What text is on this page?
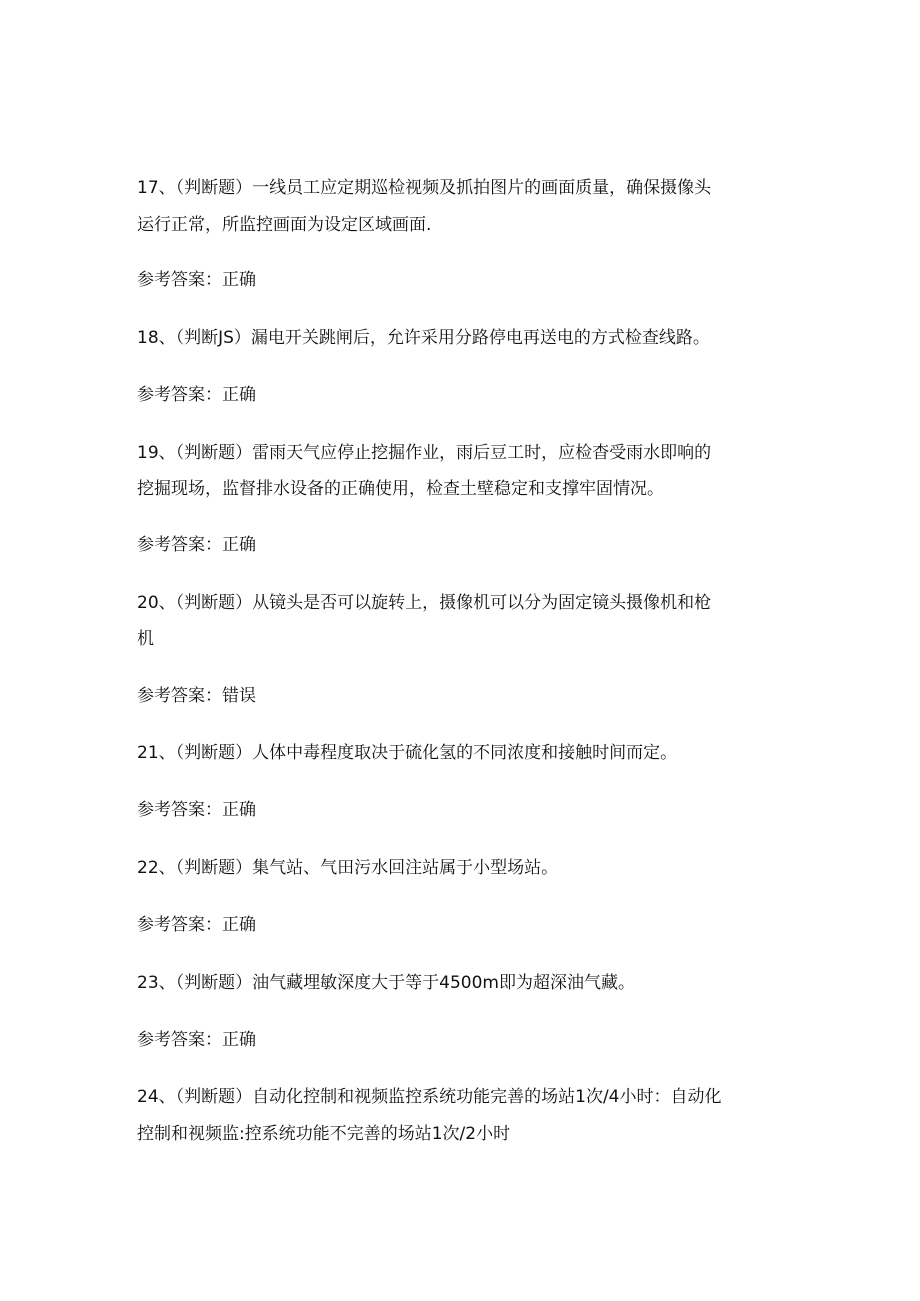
17、（判断题）一线员工应定期巡检视频及抓拍图片的画面质量，确保摄像头
运行正常，所监控画面为设定区域画面.
参考答案：正确
18、（判断JS）漏电开关跳闸后，允许采用分路停电再送电的方式检查线路。
参考答案：正确
19、（判断题）雷雨天气应停止挖掘作业，雨后豆工时，应检杳受雨水即响的
挖掘现场，监督排水设备的正确使用，检查土壁稳定和支撑牢固情况。
参考答案：正确
20、（判断题）从镜头是否可以旋转上，摄像机可以分为固定镜头摄像机和枪
机
参考答案：错误
21、（判断题）人体中毒程度取决于硫化氢的不同浓度和接触时间而定。
参考答案：正确
22、（判断题）集气站、气田污水回注站属于小型场站。
参考答案：正确
23、（判断题）油气藏埋敏深度大于等于4500m即为超深油气藏。
参考答案：正确
24、（判断题）自动化控制和视频监控系统功能完善的场站1次/4小时：自动化
控制和视频监:控系统功能不完善的场站1次/2小时
